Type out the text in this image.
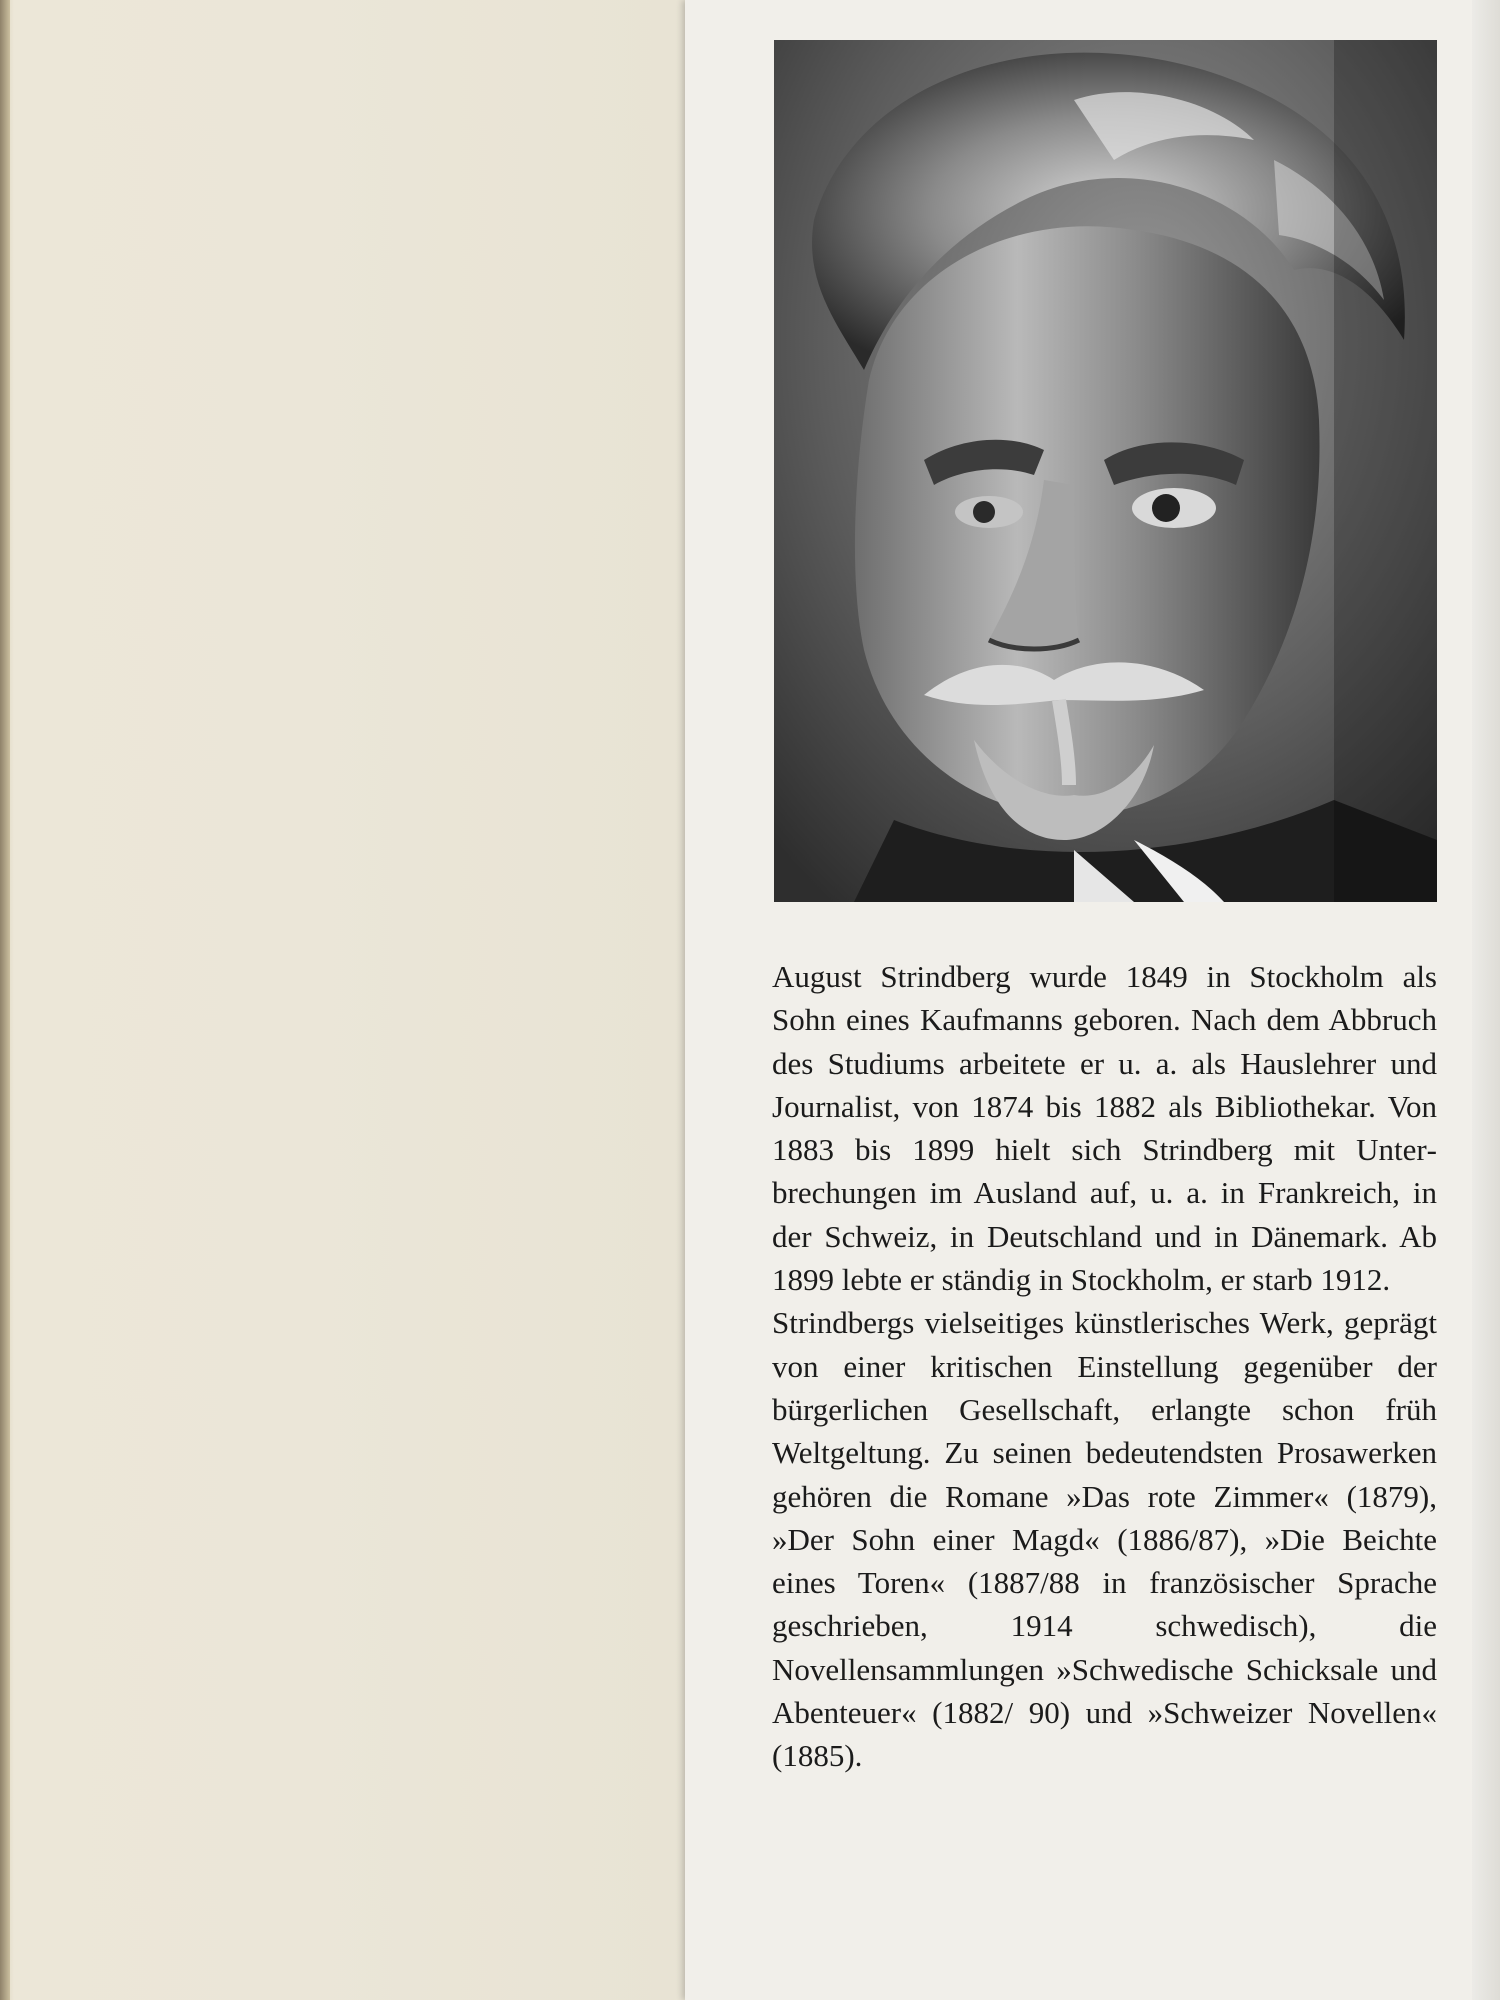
August Strindberg wurde 1849 in Stockholm als Sohn eines Kaufmanns geboren. Nach dem Abbruch des Studiums arbeitete er u. a. als Hauslehrer und Journalist, von 1874 bis 1882 als Bibliothekar. Von 1883 bis 1899 hielt sich Strindberg mit Unterbrechungen im Ausland auf, u. a. in Frankreich, in der Schweiz, in Deutschland und in Dänemark. Ab 1899 lebte er ständig in Stockholm, er starb 1912.

Strindbergs vielseitiges künstlerisches Werk, geprägt von einer kritischen Einstellung gegenüber der bürgerlichen Gesellschaft, erlangte schon früh Weltgeltung. Zu seinen bedeutendsten Prosawerken gehören die Romane »Das rote Zimmer« (1879), »Der Sohn einer Magd« (1886/87), »Die Beichte eines Toren« (1887/88 in französischer Sprache geschrieben, 1914 schwedisch), die Novellensammlungen »Schwedische Schicksale und Abenteuer« (1882/ 90) und »Schweizer Novellen« (1885).
